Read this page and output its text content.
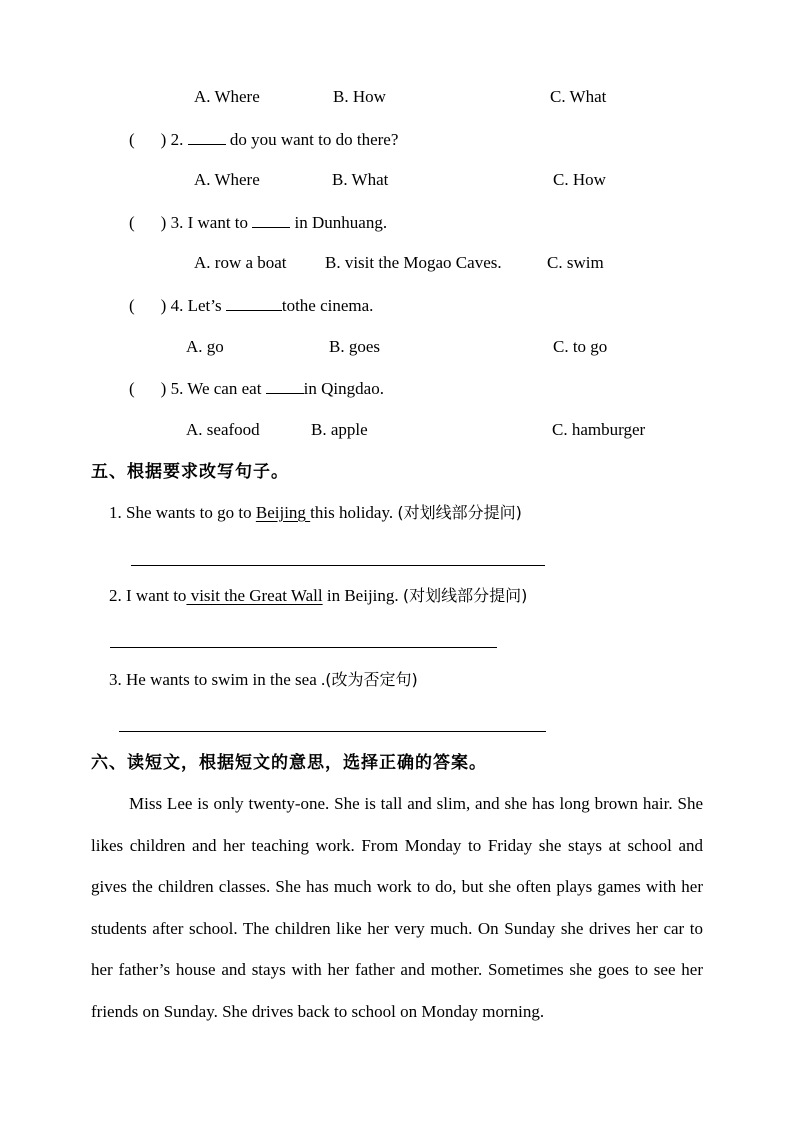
A. Where	B. How	C. What
( ) 2.	do you want to do there?
A. Where	B. What	C. How
( ) 3. I want to	in Dunhuang.
A. row a boat B. visit the Mogao Caves.	C. swim
( ) 4. Let’s	tothe cinema.
A. go	B. goes	C. to go
( ) 5. We can eat in Qingdao.
A. seafood	B. apple	C. hamburger
五、根据要求改写句子。
1. She wants to go to Beijing this holiday. (对划线部分提问)
2. I want to visit the Great Wall in Beijing. (对划线部分提问)
3. He wants to swim in the sea .(改为否定句)
六、读短文，根据短文的意思，选择正确的答案。
Miss Lee is only twenty-one. She is tall and slim, and she has long brown hair. She likes children and her teaching work. From Monday to Friday she stays at school and gives the children classes. She has much work to do, but she often plays games with her students after school. The children like her very much. On Sunday she drives her car to her father’s house and stays with her father and mother. Sometimes she goes to see her friends on Sunday. She drives back to school on Monday morning.
